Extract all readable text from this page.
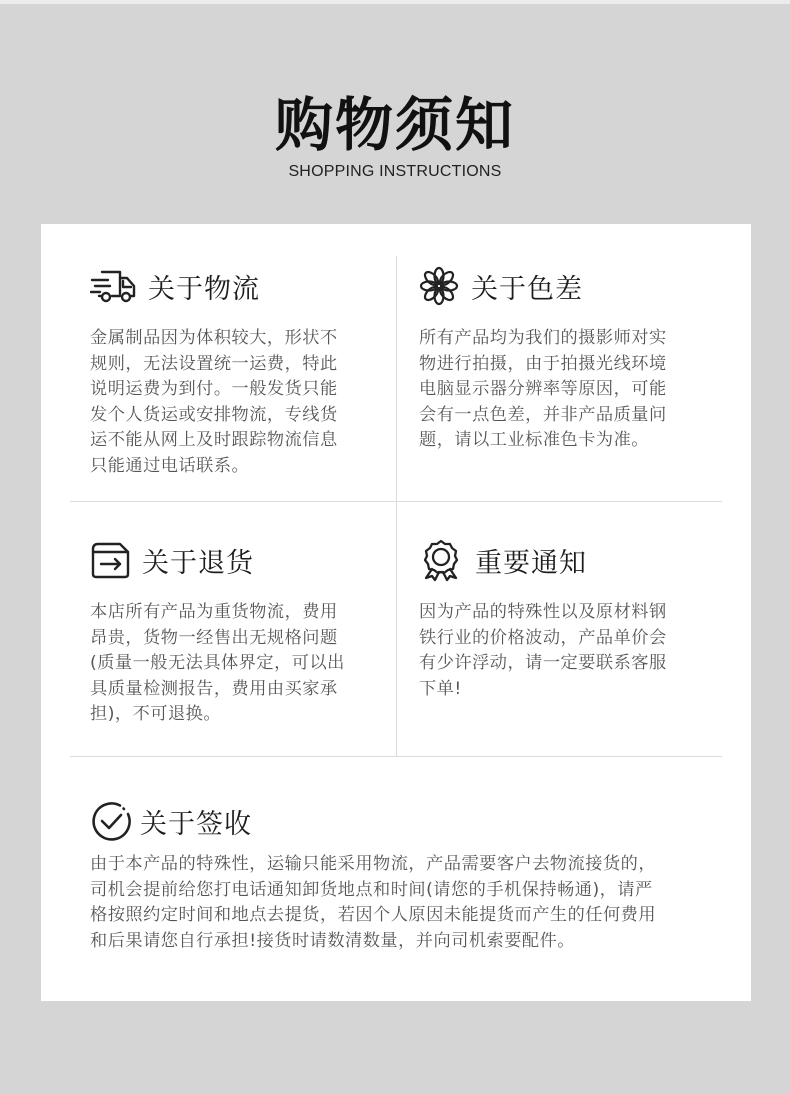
购物须知
SHOPPING INSTRUCTIONS
关于物流
金属制品因为体积较大，形状不
规则，无法设置统一运费，特此
说明运费为到付。一般发货只能
发个人货运或安排物流，专线货
运不能从网上及时跟踪物流信息
只能通过电话联系。
关于色差
所有产品均为我们的摄影师对实
物进行拍摄，由于拍摄光线环境
电脑显示器分辨率等原因，可能
会有一点色差，并非产品质量问
题，请以工业标准色卡为准。
关于退货
本店所有产品为重货物流，费用
昂贵，货物一经售出无规格问题
(质量一般无法具体界定，可以出
具质量检测报告，费用由买家承
担)，不可退换。
重要通知
因为产品的特殊性以及原材料钢
铁行业的价格波动，产品单价会
有少许浮动，请一定要联系客服
下单!
关于签收
由于本产品的特殊性，运输只能采用物流，产品需要客户去物流接货的，
司机会提前给您打电话通知卸货地点和时间(请您的手机保持畅通)，请严
格按照约定时间和地点去提货，若因个人原因未能提货而产生的任何费用
和后果请您自行承担!接货时请数清数量，并向司机索要配件。
